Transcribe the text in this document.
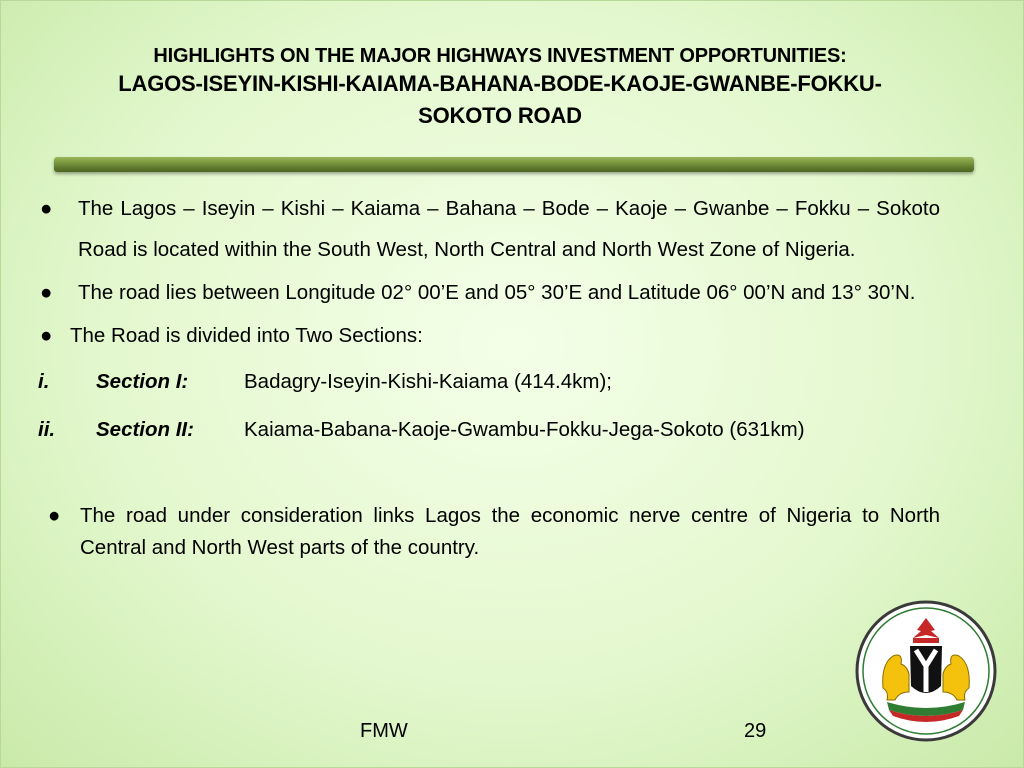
HIGHLIGHTS ON THE MAJOR HIGHWAYS INVESTMENT OPPORTUNITIES:
LAGOS-ISEYIN-KISHI-KAIAMA-BAHANA-BODE-KAOJE-GWANBE-FOKKU-
SOKOTO ROAD
●	The Lagos – Iseyin – Kishi – Kaiama – Bahana – Bode – Kaoje – Gwanbe – Fokku – Sokoto Road is located within the South West, North Central and North West Zone of Nigeria.
●	The road lies between Longitude 02° 00’E and 05° 30’E and Latitude 06° 00’N and 13° 30’N.
● The Road is divided into Two Sections:
i. Section I:	Badagry-Iseyin-Kishi-Kaiama (414.4km);
ii. Section II: Kaiama-Babana-Kaoje-Gwambu-Fokku-Jega-Sokoto (631km)
● The road under consideration links Lagos the economic nerve centre of Nigeria to North Central and North West parts of the country.
FMW	29
